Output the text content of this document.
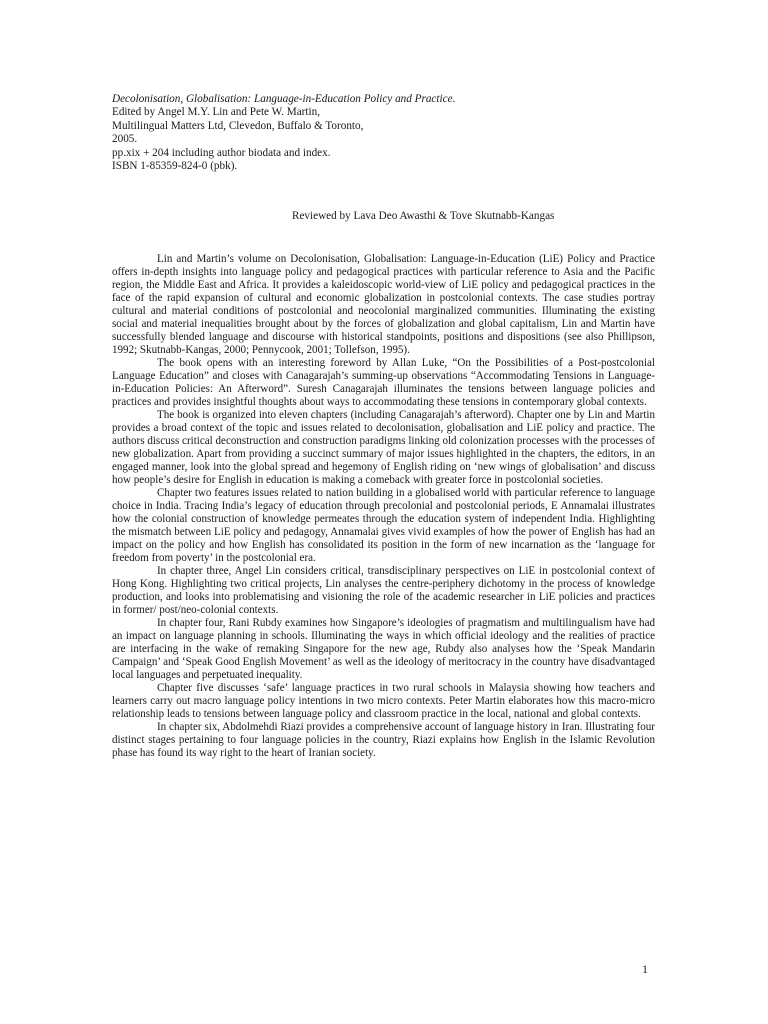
Decolonisation, Globalisation: Language-in-Education Policy and Practice.
Edited by Angel M.Y. Lin and Pete W. Martin,
Multilingual Matters Ltd, Clevedon, Buffalo & Toronto,
2005.
pp.xix + 204 including author biodata and index.
ISBN 1-85359-824-0 (pbk).
Reviewed by Lava Deo Awasthi & Tove Skutnabb-Kangas

Lin and Martin’s volume on Decolonisation, Globalisation: Language-in-Education (LiE) Policy and Practice offers in-depth insights into language policy and pedagogical practices with particular reference to Asia and the Pacific region, the Middle East and Africa. It provides a kaleidoscopic world-view of LiE policy and pedagogical practices in the face of the rapid expansion of cultural and economic globalization in postcolonial contexts. The case studies portray cultural and material conditions of postcolonial and neocolonial marginalized communities. Illuminating the existing social and material inequalities brought about by the forces of globalization and global capitalism, Lin and Martin have successfully blended language and discourse with historical standpoints, positions and dispositions (see also Phillipson, 1992; Skutnabb-Kangas, 2000; Pennycook, 2001; Tollefson, 1995).

The book opens with an interesting foreword by Allan Luke, “On the Possibilities of a Post-postcolonial Language Education” and closes with Canagarajah’s summing-up observations “Accommodating Tensions in Language-in-Education Policies: An Afterword”. Suresh Canagarajah illuminates the tensions between language policies and practices and provides insightful thoughts about ways to accommodating these tensions in contemporary global contexts.

The book is organized into eleven chapters (including Canagarajah’s afterword). Chapter one by Lin and Martin provides a broad context of the topic and issues related to decolonisation, globalisation and LiE policy and practice. The authors discuss critical deconstruction and construction paradigms linking old colonization processes with the processes of new globalization. Apart from providing a succinct summary of major issues highlighted in the chapters, the editors, in an engaged manner, look into the global spread and hegemony of English riding on ‘new wings of globalisation’ and discuss how people’s desire for English in education is making a comeback with greater force in postcolonial societies.

Chapter two features issues related to nation building in a globalised world with particular reference to language choice in India. Tracing India’s legacy of education through precolonial and postcolonial periods, E Annamalai illustrates how the colonial construction of knowledge permeates through the education system of independent India. Highlighting the mismatch between LiE policy and pedagogy, Annamalai gives vivid examples of how the power of English has had an impact on the policy and how English has consolidated its position in the form of new incarnation as the ‘language for freedom from poverty’ in the postcolonial era.

In chapter three, Angel Lin considers critical, transdisciplinary perspectives on LiE in postcolonial context of Hong Kong. Highlighting two critical projects, Lin analyses the centre-periphery dichotomy in the process of knowledge production, and looks into problematising and visioning the role of the academic researcher in LiE policies and practices in former/ post/neo-colonial contexts.

In chapter four, Rani Rubdy examines how Singapore’s ideologies of pragmatism and multilingualism have had an impact on language planning in schools. Illuminating the ways in which official ideology and the realities of practice are interfacing in the wake of remaking Singapore for the new age, Rubdy also analyses how the ‘Speak Mandarin Campaign’ and ‘Speak Good English Movement’ as well as the ideology of meritocracy in the country have disadvantaged local languages and perpetuated inequality.

Chapter five discusses ‘safe’ language practices in two rural schools in Malaysia showing how teachers and learners carry out macro language policy intentions in two micro contexts. Peter Martin elaborates how this macro-micro relationship leads to tensions between language policy and classroom practice in the local, national and global contexts.

In chapter six, Abdolmehdi Riazi provides a comprehensive account of language history in Iran. Illustrating four distinct stages pertaining to four language policies in the country, Riazi explains how English in the Islamic Revolution phase has found its way right to the heart of Iranian society.

1
